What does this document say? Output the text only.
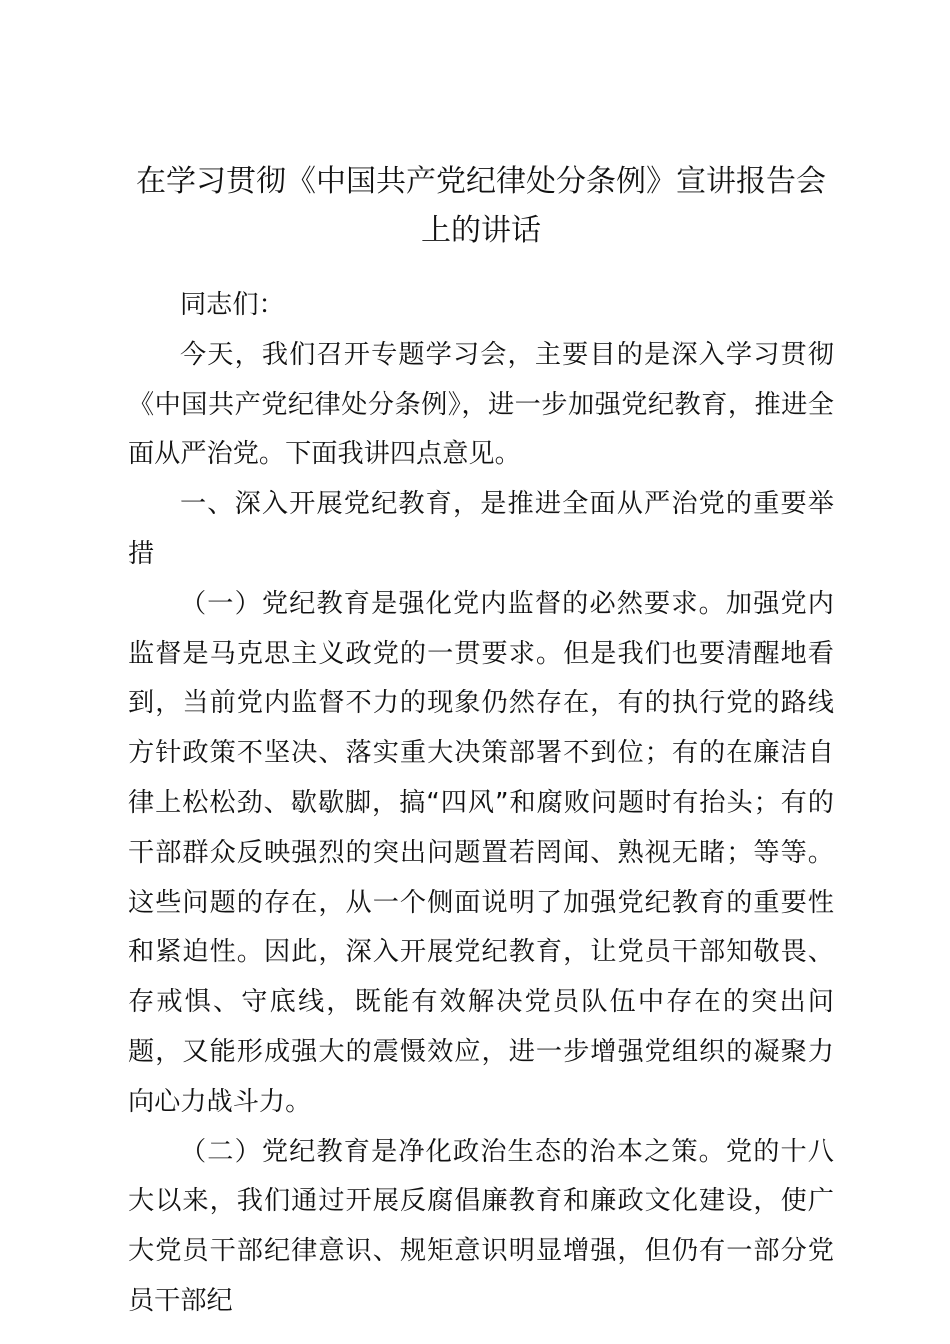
在学习贯彻《中国共产党纪律处分条例》宣讲报告会上的讲话

同志们：

今天，我们召开专题学习会，主要目的是深入学习贯彻《中国共产党纪律处分条例》，进一步加强党纪教育，推进全面从严治党。下面我讲四点意见。

一、深入开展党纪教育，是推进全面从严治党的重要举措

（一）党纪教育是强化党内监督的必然要求。加强党内监督是马克思主义政党的一贯要求。但是我们也要清醒地看到，当前党内监督不力的现象仍然存在，有的执行党的路线方针政策不坚决、落实重大决策部署不到位；有的在廉洁自律上松松劲、歇歇脚，搞“四风”和腐败问题时有抬头；有的干部群众反映强烈的突出问题置若罔闻、熟视无睹；等等。这些问题的存在，从一个侧面说明了加强党纪教育的重要性和紧迫性。因此，深入开展党纪教育，让党员干部知敬畏、存戒惧、守底线，既能有效解决党员队伍中存在的突出问题，又能形成强大的震慑效应，进一步增强党组织的凝聚力向心力战斗力。

（二）党纪教育是净化政治生态的治本之策。党的十八大以来，我们通过开展反腐倡廉教育和廉政文化建设，使广大党员干部纪律意识、规矩意识明显增强，但仍有一部分党员干部纪
